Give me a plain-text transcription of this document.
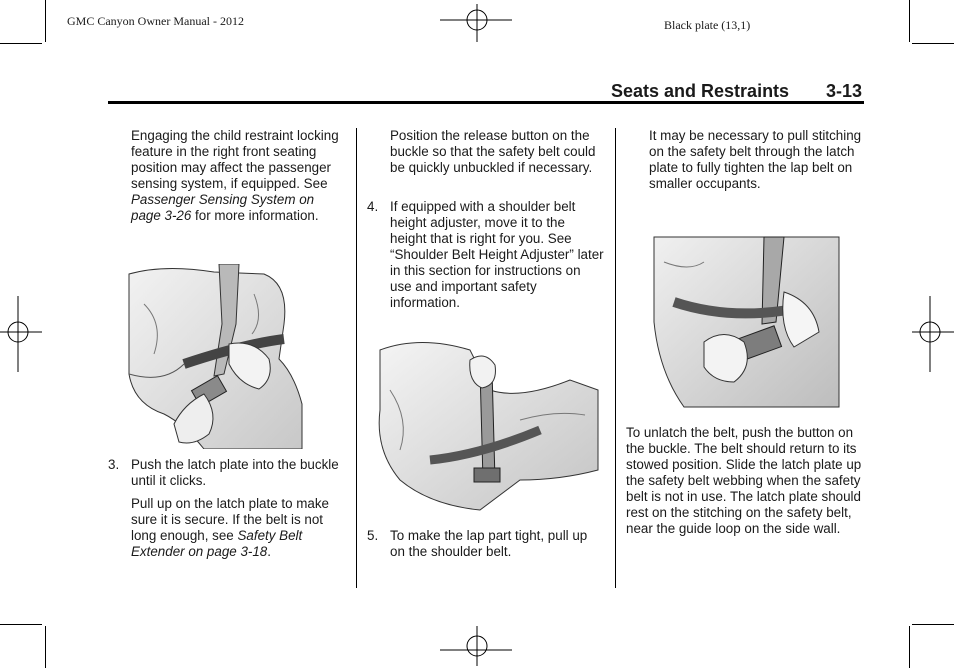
GMC Canyon Owner Manual - 2012	Black plate (13,1)
Seats and Restraints 3-13
Engaging the child restraint locking feature in the right front seating position may affect the passenger sensing system, if equipped. See Passenger Sensing System on page 3-26 for more information.
3. Push the latch plate into the buckle until it clicks.
Pull up on the latch plate to make sure it is secure. If the belt is not long enough, see Safety Belt Extender on page 3-18.
Position the release button on the buckle so that the safety belt could be quickly unbuckled if necessary.
4. If equipped with a shoulder belt height adjuster, move it to the height that is right for you. See “Shoulder Belt Height Adjuster” later in this section for instructions on use and important safety information.
5. To make the lap part tight, pull up on the shoulder belt.
It may be necessary to pull stitching on the safety belt through the latch plate to fully tighten the lap belt on smaller occupants.
To unlatch the belt, push the button on the buckle. The belt should return to its stowed position. Slide the latch plate up the safety belt webbing when the safety belt is not in use. The latch plate should rest on the stitching on the safety belt, near the guide loop on the side wall.
